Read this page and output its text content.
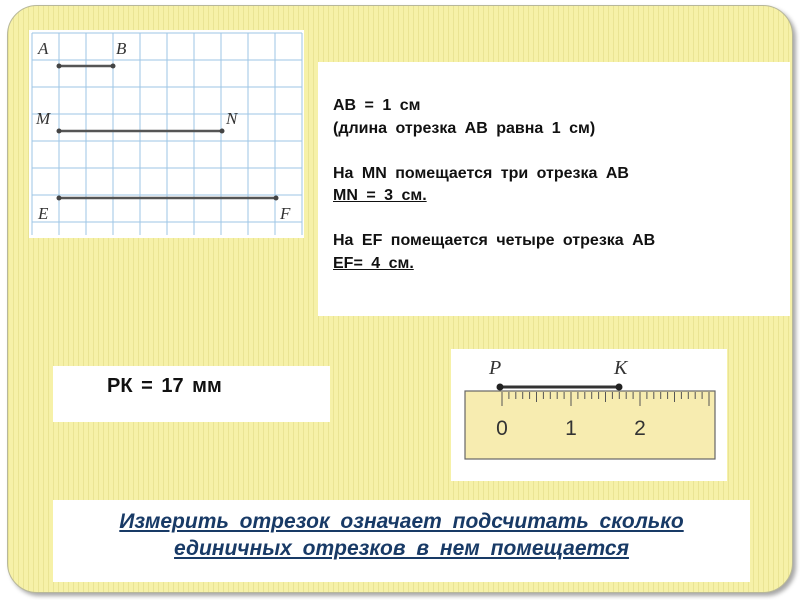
A	B
M	N
E	F
P	K
0	1	2
АВ = 1 см
(длина отрезка АВ равна 1 см)
На MN помещается три отрезка АВ
MN = 3 см.
На EF помещается четыре отрезка АВ
EF= 4 см.
РК = 17 мм
Измерить отрезок означает подсчитать сколько
единичных отрезков в нем помещается
